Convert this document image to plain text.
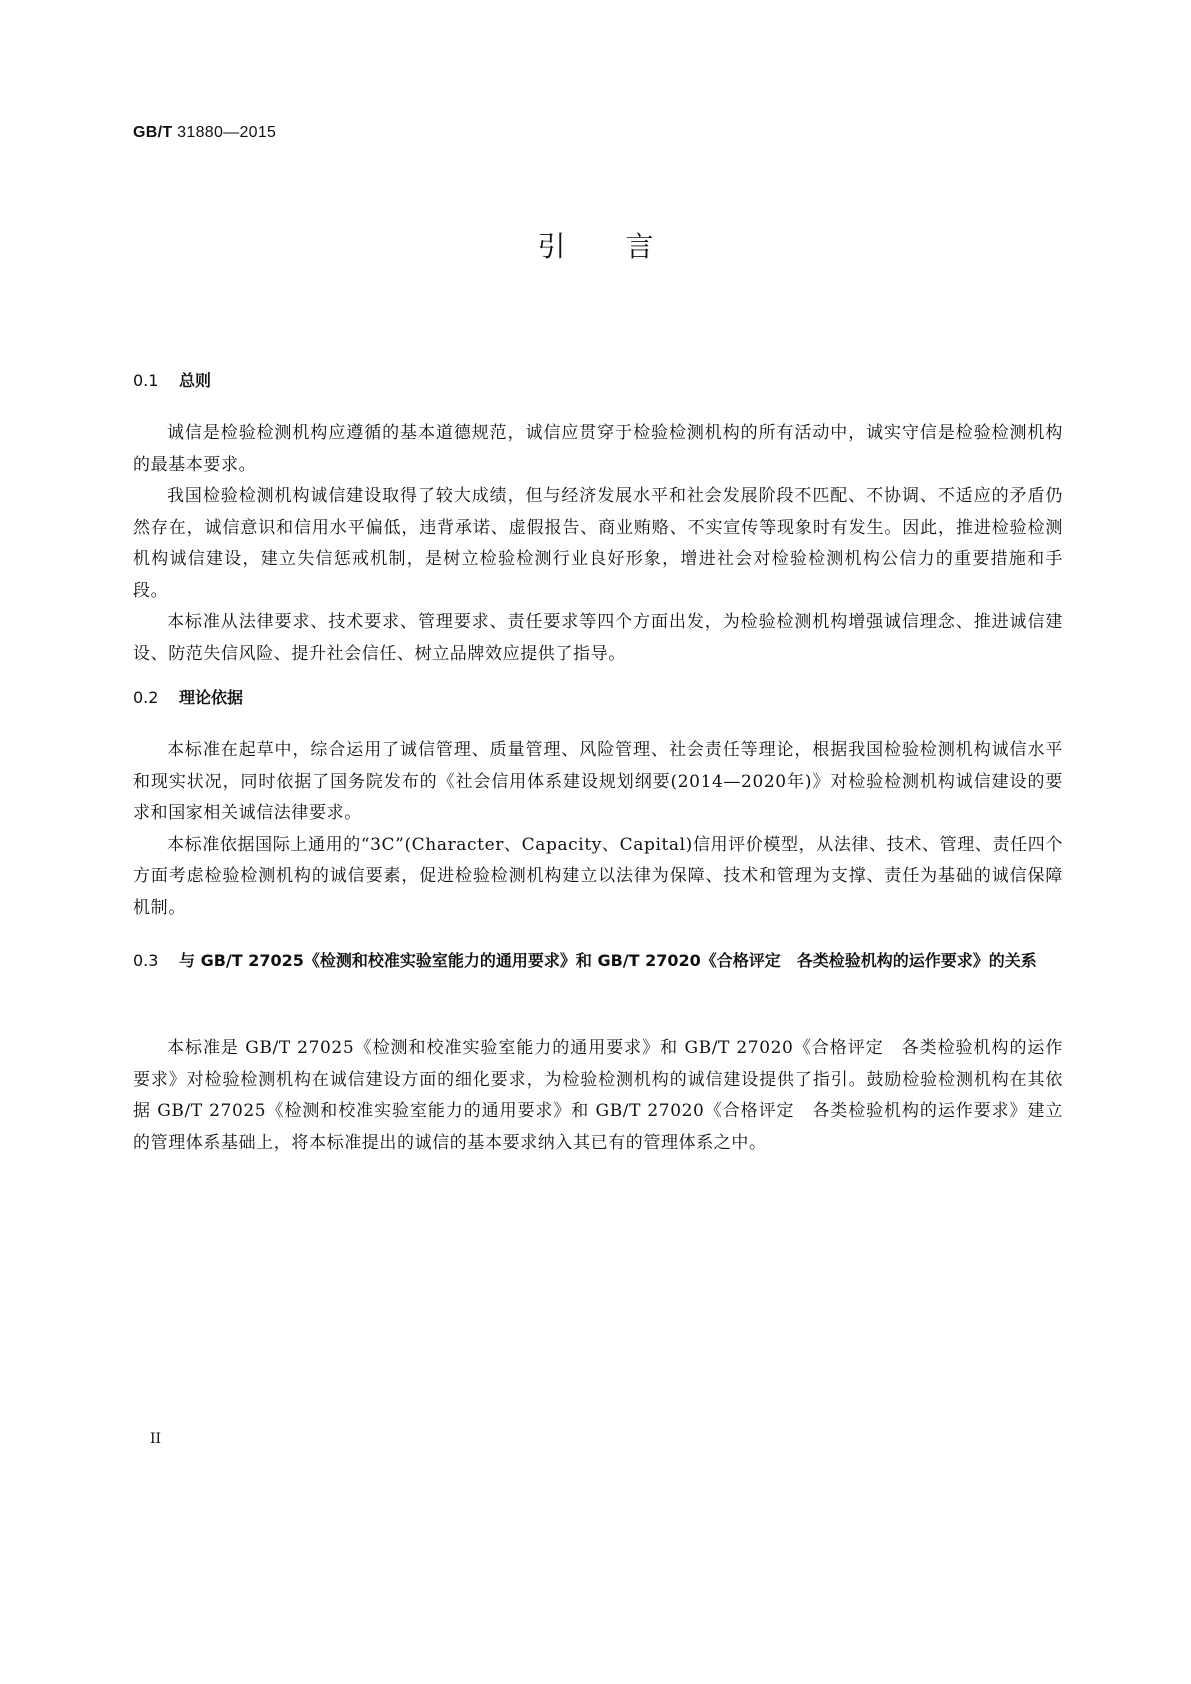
GB/T 31880—2015
引言
0.1 总则

诚信是检验检测机构应遵循的基本道德规范，诚信应贯穿于检验检测机构的所有活动中，诚实守信是检验检测机构的最基本要求。

我国检验检测机构诚信建设取得了较大成绩，但与经济发展水平和社会发展阶段不匹配、不协调、不适应的矛盾仍然存在，诚信意识和信用水平偏低，违背承诺、虚假报告、商业贿赂、不实宣传等现象时有发生。因此，推进检验检测机构诚信建设，建立失信惩戒机制，是树立检验检测行业良好形象，增进社会对检验检测机构公信力的重要措施和手段。

本标准从法律要求、技术要求、管理要求、责任要求等四个方面出发，为检验检测机构增强诚信理念、推进诚信建设、防范失信风险、提升社会信任、树立品牌效应提供了指导。

0.2 理论依据

本标准在起草中，综合运用了诚信管理、质量管理、风险管理、社会责任等理论，根据我国检验检测机构诚信水平和现实状况，同时依据了国务院发布的《社会信用体系建设规划纲要(2014—2020年)》对检验检测机构诚信建设的要求和国家相关诚信法律要求。

本标准依据国际上通用的“3C”(Character、Capacity、Capital)信用评价模型，从法律、技术、管理、责任四个方面考虑检验检测机构的诚信要素，促进检验检测机构建立以法律为保障、技术和管理为支撑、责任为基础的诚信保障机制。

0.3 与 GB/T 27025《检测和校准实验室能力的通用要求》和 GB/T 27020《合格评定　各类检验机构的运作要求》的关系

本标准是 GB/T 27025《检测和校准实验室能力的通用要求》和 GB/T 27020《合格评定　各类检验机构的运作要求》对检验检测机构在诚信建设方面的细化要求，为检验检测机构的诚信建设提供了指引。鼓励检验检测机构在其依据 GB/T 27025《检测和校准实验室能力的通用要求》和 GB/T 27020《合格评定　各类检验机构的运作要求》建立的管理体系基础上，将本标准提出的诚信的基本要求纳入其已有的管理体系之中。

II
